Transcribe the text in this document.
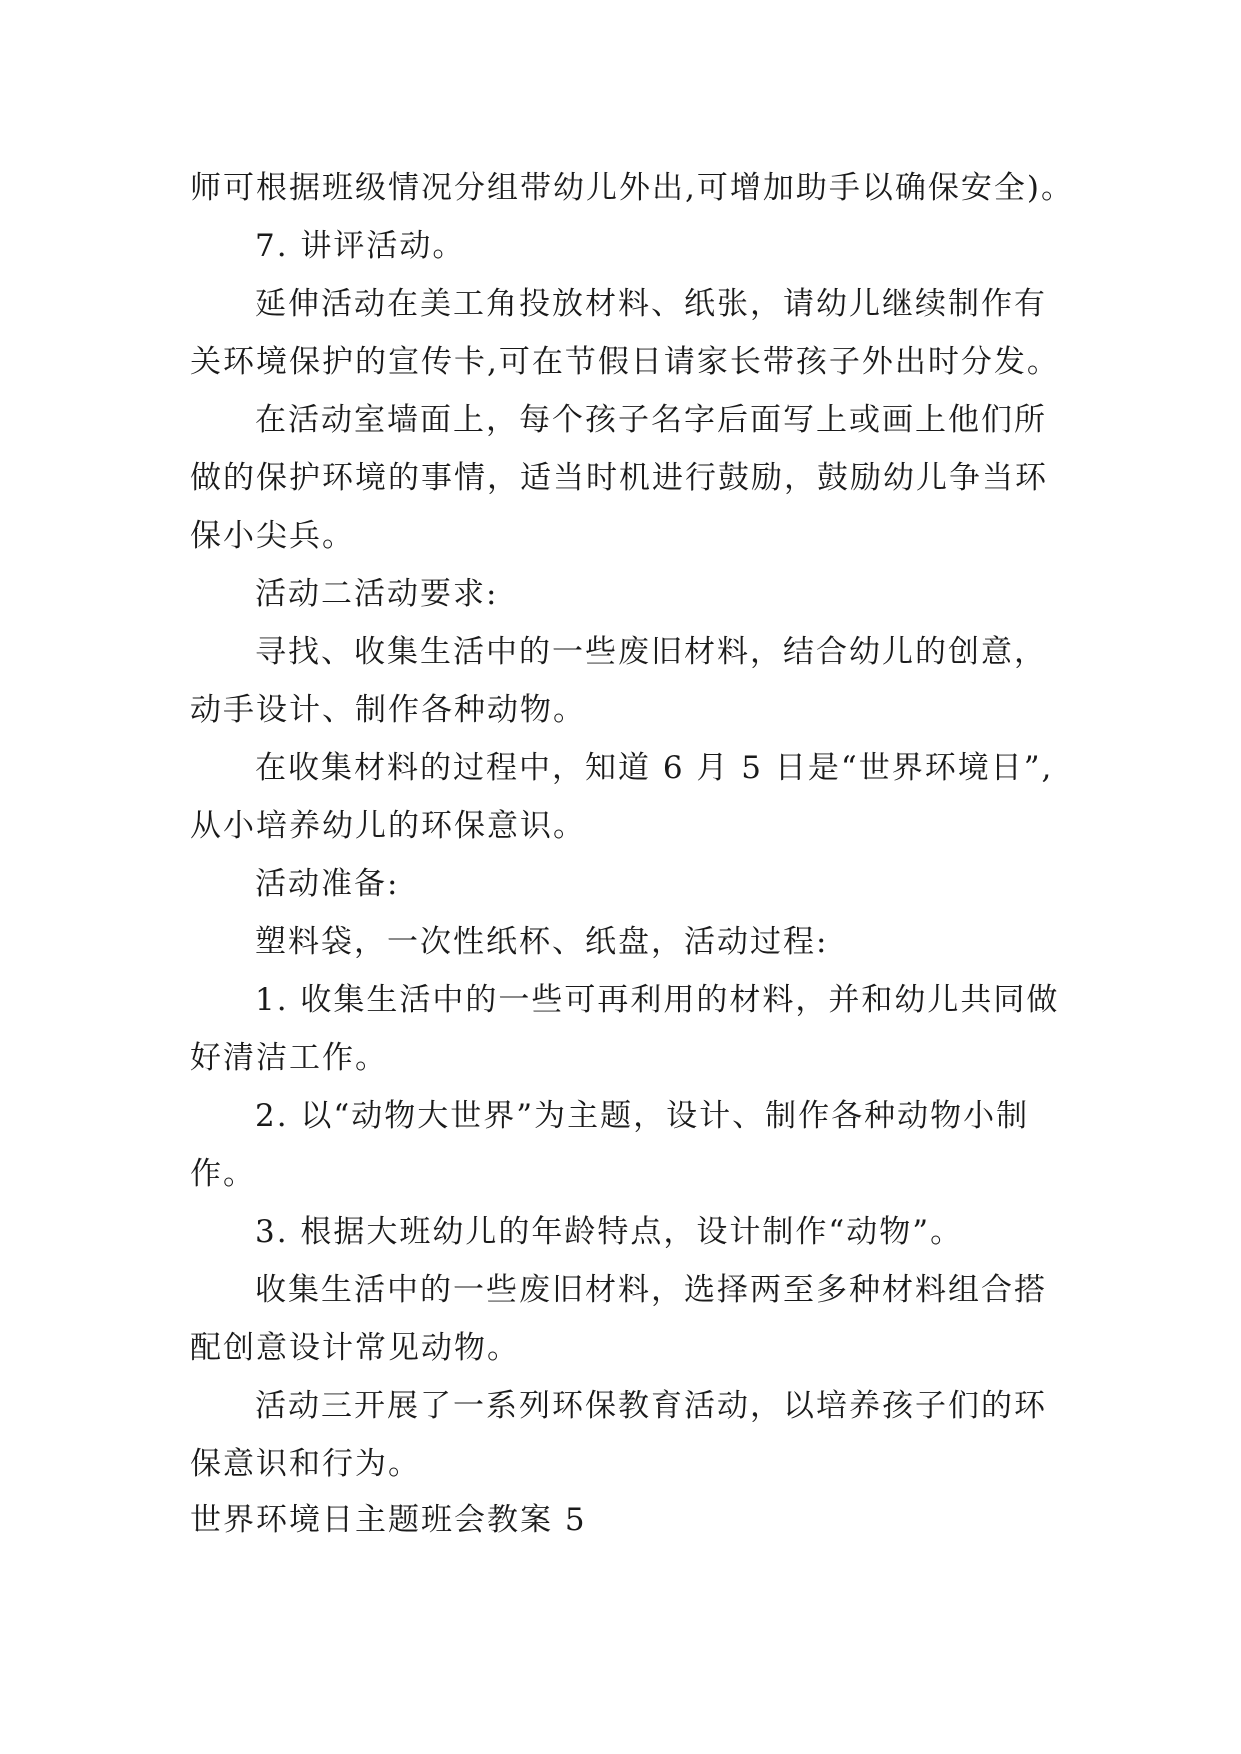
师可根据班级情况分组带幼儿外出,可增加助手以确保安全)。
7. 讲评活动。
延伸活动在美工角投放材料、纸张，请幼儿继续制作有
关环境保护的宣传卡,可在节假日请家长带孩子外出时分发。
在活动室墙面上，每个孩子名字后面写上或画上他们所
做的保护环境的事情，适当时机进行鼓励，鼓励幼儿争当环
保小尖兵。
活动二活动要求:
寻找、收集生活中的一些废旧材料，结合幼儿的创意，
动手设计、制作各种动物。
在收集材料的过程中，知道 6 月 5 日是“世界环境日”,
从小培养幼儿的环保意识。
活动准备:
塑料袋，一次性纸杯、纸盘，活动过程:
1. 收集生活中的一些可再利用的材料，并和幼儿共同做
好清洁工作。
2. 以“动物大世界”为主题，设计、制作各种动物小制
作。
3. 根据大班幼儿的年龄特点，设计制作“动物”。
收集生活中的一些废旧材料，选择两至多种材料组合搭
配创意设计常见动物。
活动三开展了一系列环保教育活动，以培养孩子们的环
保意识和行为。
世界环境日主题班会教案 5
